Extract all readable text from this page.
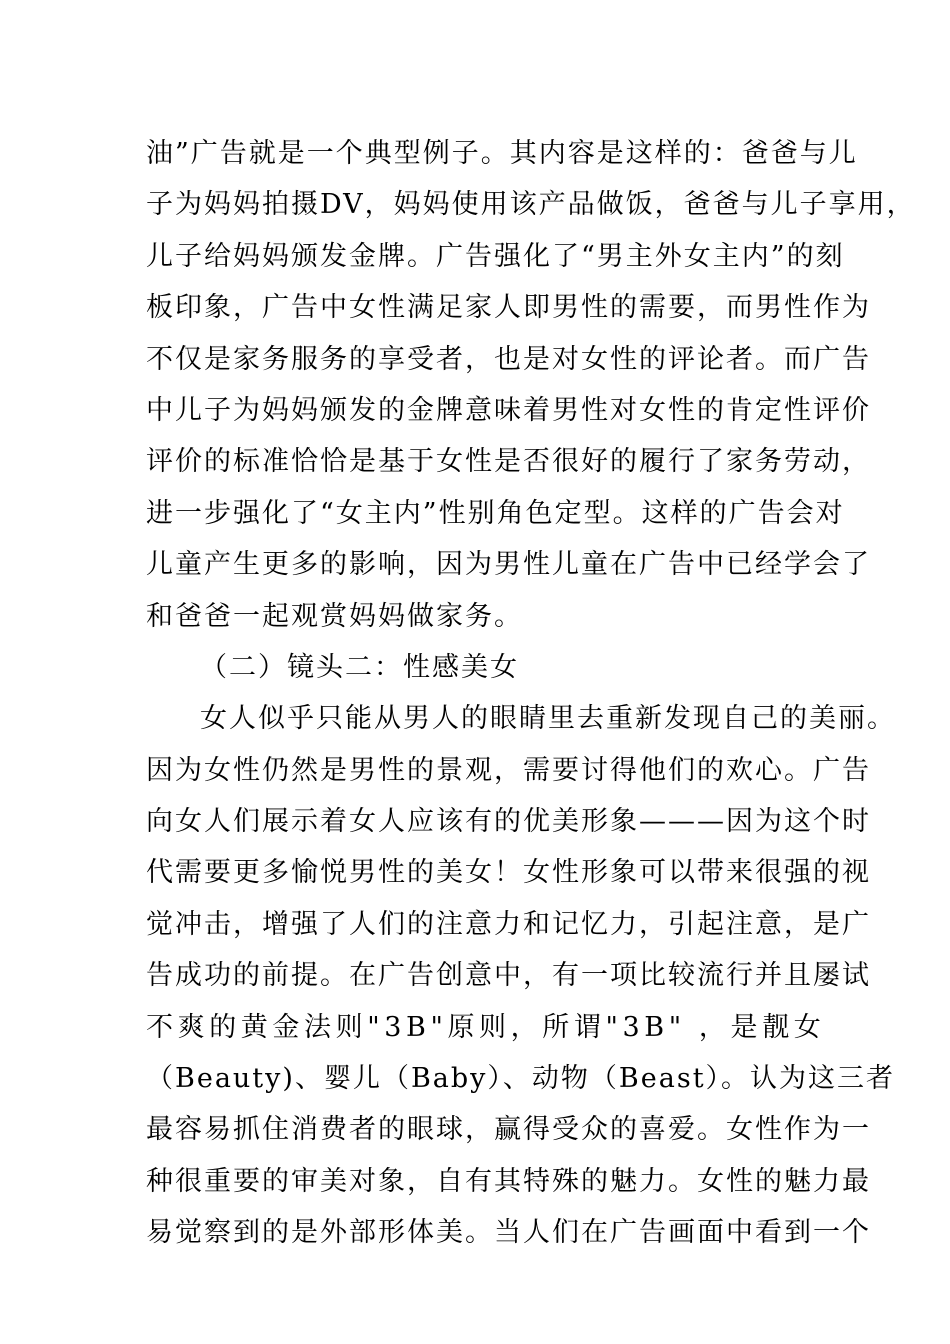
油”广告就是一个典型例子。其内容是这样的：爸爸与儿
子为妈妈拍摄DV，妈妈使用该产品做饭，爸爸与儿子享用，
儿子给妈妈颁发金牌。广告强化了“男主外女主内”的刻
板印象，广告中女性满足家人即男性的需要，而男性作为
不仅是家务服务的享受者，也是对女性的评论者。而广告
中儿子为妈妈颁发的金牌意味着男性对女性的肯定性评价
评价的标准恰恰是基于女性是否很好的履行了家务劳动，
进一步强化了“女主内”性别角色定型。这样的广告会对
儿童产生更多的影响，因为男性儿童在广告中已经学会了
和爸爸一起观赏妈妈做家务。
（二）镜头二：性感美女
女人似乎只能从男人的眼睛里去重新发现自己的美丽。
因为女性仍然是男性的景观，需要讨得他们的欢心。广告
向女人们展示着女人应该有的优美形象———因为这个时
代需要更多愉悦男性的美女！女性形象可以带来很强的视
觉冲击，增强了人们的注意力和记忆力，引起注意，是广
告成功的前提。在广告创意中，有一项比较流行并且屡试
不爽的黄金法则"3B"原则，所谓"3B" ，是靓女
（Beauty)、婴儿（Baby）、动物（Beast）。认为这三者
最容易抓住消费者的眼球，赢得受众的喜爱。女性作为一
种很重要的审美对象，自有其特殊的魅力。女性的魅力最
易觉察到的是外部形体美。当人们在广告画面中看到一个
